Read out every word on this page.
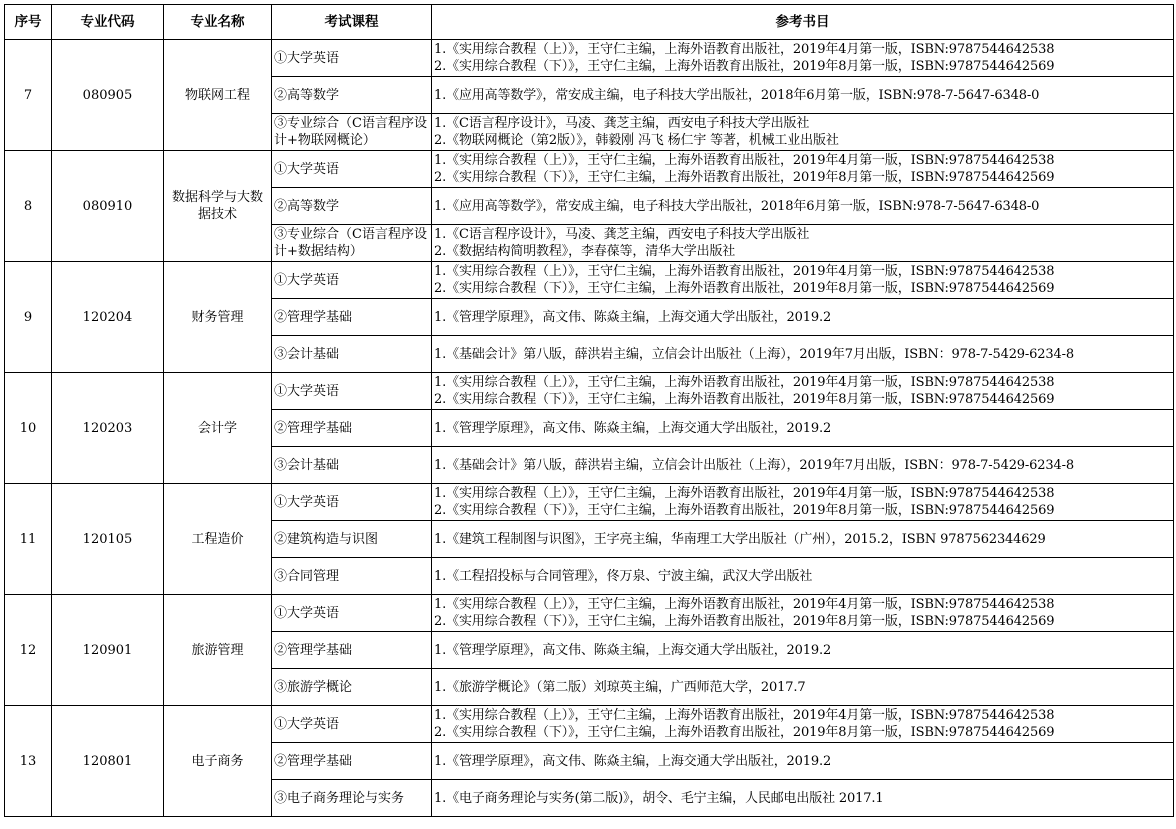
序号	专业代码	专业名称	考试课程	参考书目
7	080905	物联网工程	①大学英语	1.《实用综合教程（上）》，王守仁主编，上海外语教育出版社，2019年4月第一版，ISBN:9787544642538
2.《实用综合教程（下）》，王守仁主编，上海外语教育出版社，2019年8月第一版，ISBN:9787544642569

			②高等数学	1.《应用高等数学》，常安成主编，电子科技大学出版社，2018年6月第一版，ISBN:978-7-5647-6348-0

			③专业综合（C语言程序设计+物联网概论）	1.《C语言程序设计》，马凌、龚芝主编，西安电子科技大学出版社
2.《物联网概论（第2版）》，韩毅刚 冯飞 杨仁宇 等著，机械工业出版社

8	080910	数据科学与大数据技术	①大学英语	1.《实用综合教程（上）》，王守仁主编，上海外语教育出版社，2019年4月第一版，ISBN:9787544642538
2.《实用综合教程（下）》，王守仁主编，上海外语教育出版社，2019年8月第一版，ISBN:9787544642569

			②高等数学	1.《应用高等数学》，常安成主编，电子科技大学出版社，2018年6月第一版，ISBN:978-7-5647-6348-0

			③专业综合（C语言程序设计+数据结构）	1.《C语言程序设计》，马凌、龚芝主编，西安电子科技大学出版社
2.《数据结构简明教程》，李春葆等，清华大学出版社

9	120204	财务管理	①大学英语	1.《实用综合教程（上）》，王守仁主编，上海外语教育出版社，2019年4月第一版，ISBN:9787544642538
2.《实用综合教程（下）》，王守仁主编，上海外语教育出版社，2019年8月第一版，ISBN:9787544642569

			②管理学基础	1.《管理学原理》，高文伟、陈焱主编，上海交通大学出版社，2019.2

			③会计基础	1.《基础会计》第八版，薛洪岩主编，立信会计出版社（上海），2019年7月出版，ISBN：978-7-5429-6234-8

10	120203	会计学	①大学英语	1.《实用综合教程（上）》，王守仁主编，上海外语教育出版社，2019年4月第一版，ISBN:9787544642538
2.《实用综合教程（下）》，王守仁主编，上海外语教育出版社，2019年8月第一版，ISBN:9787544642569

			②管理学基础	1.《管理学原理》，高文伟、陈焱主编，上海交通大学出版社，2019.2

			③会计基础	1.《基础会计》第八版，薛洪岩主编，立信会计出版社（上海），2019年7月出版，ISBN：978-7-5429-6234-8

11	120105	工程造价	①大学英语	1.《实用综合教程（上）》，王守仁主编，上海外语教育出版社，2019年4月第一版，ISBN:9787544642538
2.《实用综合教程（下）》，王守仁主编，上海外语教育出版社，2019年8月第一版，ISBN:9787544642569

			②建筑构造与识图	1.《建筑工程制图与识图》，王字亮主编，华南理工大学出版社（广州），2015.2，ISBN 9787562344629

			③合同管理	1.《工程招投标与合同管理》，佟万泉、宁波主编，武汉大学出版社

12	120901	旅游管理	①大学英语	1.《实用综合教程（上）》，王守仁主编，上海外语教育出版社，2019年4月第一版，ISBN:9787544642538
2.《实用综合教程（下）》，王守仁主编，上海外语教育出版社，2019年8月第一版，ISBN:9787544642569

			②管理学基础	1.《管理学原理》，高文伟、陈焱主编，上海交通大学出版社，2019.2

			③旅游学概论	1.《旅游学概论》（第二版）刘琼英主编，广西师范大学，2017.7

13	120801	电子商务	①大学英语	1.《实用综合教程（上）》，王守仁主编，上海外语教育出版社，2019年4月第一版，ISBN:9787544642538
2.《实用综合教程（下）》，王守仁主编，上海外语教育出版社，2019年8月第一版，ISBN:9787544642569

			②管理学基础	1.《管理学原理》，高文伟、陈焱主编，上海交通大学出版社，2019.2

			③电子商务理论与实务	1.《电子商务理论与实务(第二版)》，胡令、毛宁主编，人民邮电出版社 2017.1
